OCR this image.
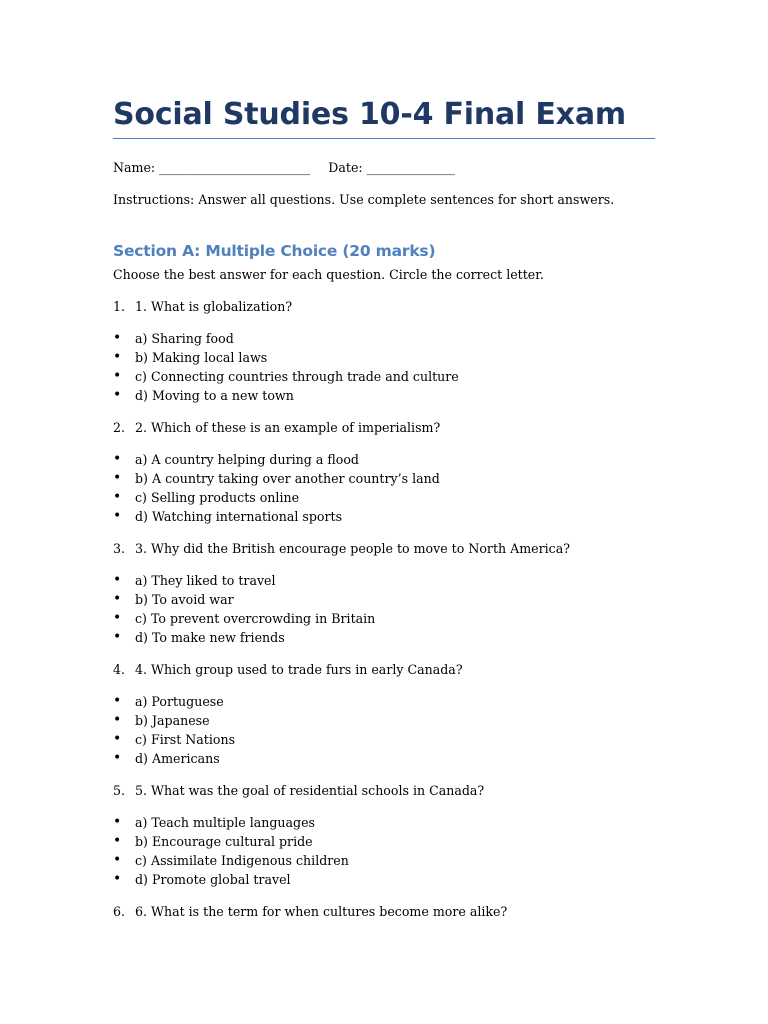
Social Studies 10-4 Final Exam

Name: ________________________ Date: ______________

Instructions: Answer all questions. Use complete sentences for short answers.

Section A: Multiple Choice (20 marks)

Choose the best answer for each question. Circle the correct letter.

1. 1. What is globalization?
• a) Sharing food
• b) Making local laws
• c) Connecting countries through trade and culture
• d) Moving to a new town
2. 2. Which of these is an example of imperialism?
• a) A country helping during a flood
• b) A country taking over another country’s land
• c) Selling products online
• d) Watching international sports
3. 3. Why did the British encourage people to move to North America?
• a) They liked to travel
• b) To avoid war
• c) To prevent overcrowding in Britain
• d) To make new friends
4. 4. Which group used to trade furs in early Canada?
• a) Portuguese
• b) Japanese
• c) First Nations
• d) Americans
5. 5. What was the goal of residential schools in Canada?
• a) Teach multiple languages
• b) Encourage cultural pride
• c) Assimilate Indigenous children
• d) Promote global travel
6. 6. What is the term for when cultures become more alike?
